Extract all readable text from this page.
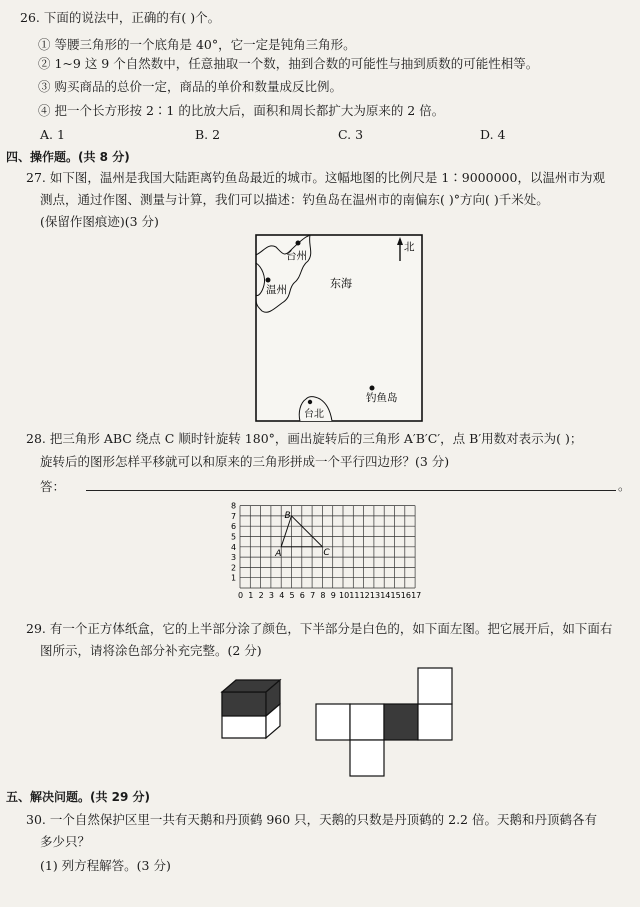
26. 下面的说法中，正确的有( )个。
① 等腰三角形的一个底角是 40°，它一定是钝角三角形。
② 1~9 这 9 个自然数中，任意抽取一个数，抽到合数的可能性与抽到质数的可能性相等。
③ 购买商品的总价一定，商品的单价和数量成反比例。
④ 把一个长方形按 2∶1 的比放大后，面积和周长都扩大为原来的 2 倍。
A. 1	B. 2	C. 3	D. 4
四、操作题。(共 8 分)
27. 如下图，温州是我国大陆距离钓鱼岛最近的城市。这幅地图的比例尺是 1∶9000000，以温州市为观
测点，通过作图、测量与计算，我们可以描述：钓鱼岛在温州市的南偏东( )°方向( )千米处。
(保留作图痕迹)(3 分)
台州
温州	东海
北
钓鱼岛
台北
28. 把三角形 ABC 绕点 C 顺时针旋转 180°，画出旋转后的三角形 A′B′C′，点 B′用数对表示为( )；
旋转后的图形怎样平移就可以和原来的三角形拼成一个平行四边形？(3 分)
答：	。
0 1 2 3 4 5 6 7 8 9 10 11 12 13 14 15 16 17
1
2
3
4
5
6
7
8
A
B
C
29. 有一个正方体纸盒，它的上半部分涂了颜色，下半部分是白色的，如下面左图。把它展开后，如下面右
图所示，请将涂色部分补充完整。(2 分)
五、解决问题。(共 29 分)
30. 一个自然保护区里一共有天鹅和丹顶鹤 960 只，天鹅的只数是丹顶鹤的 2.2 倍。天鹅和丹顶鹤各有
多少只？
(1) 列方程解答。(3 分)
